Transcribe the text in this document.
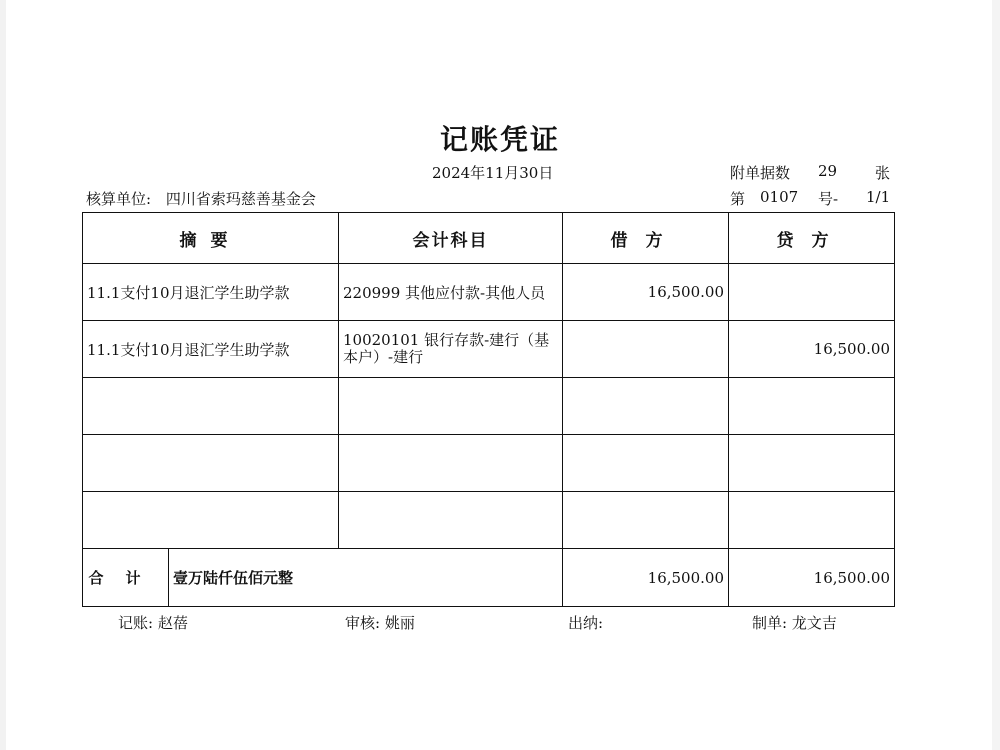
记账凭证
2024年11月30日	附单据数 29	张
核算单位: 四川省索玛慈善基金会	第 0107 号- 1/1
摘要		会计科目	借方	贷方
11.1支付10月退汇学生助学款		220999 其他应付款-其他人员	16,500.00	
11.1支付10月退汇学生助学款		10020101 银行存款-建行（基本户）-建行		16,500.00

合计	壹万陆仟伍佰元整		16,500.00	16,500.00
记账: 赵蓓	审核: 姚丽	出纳:	制单: 龙文吉
